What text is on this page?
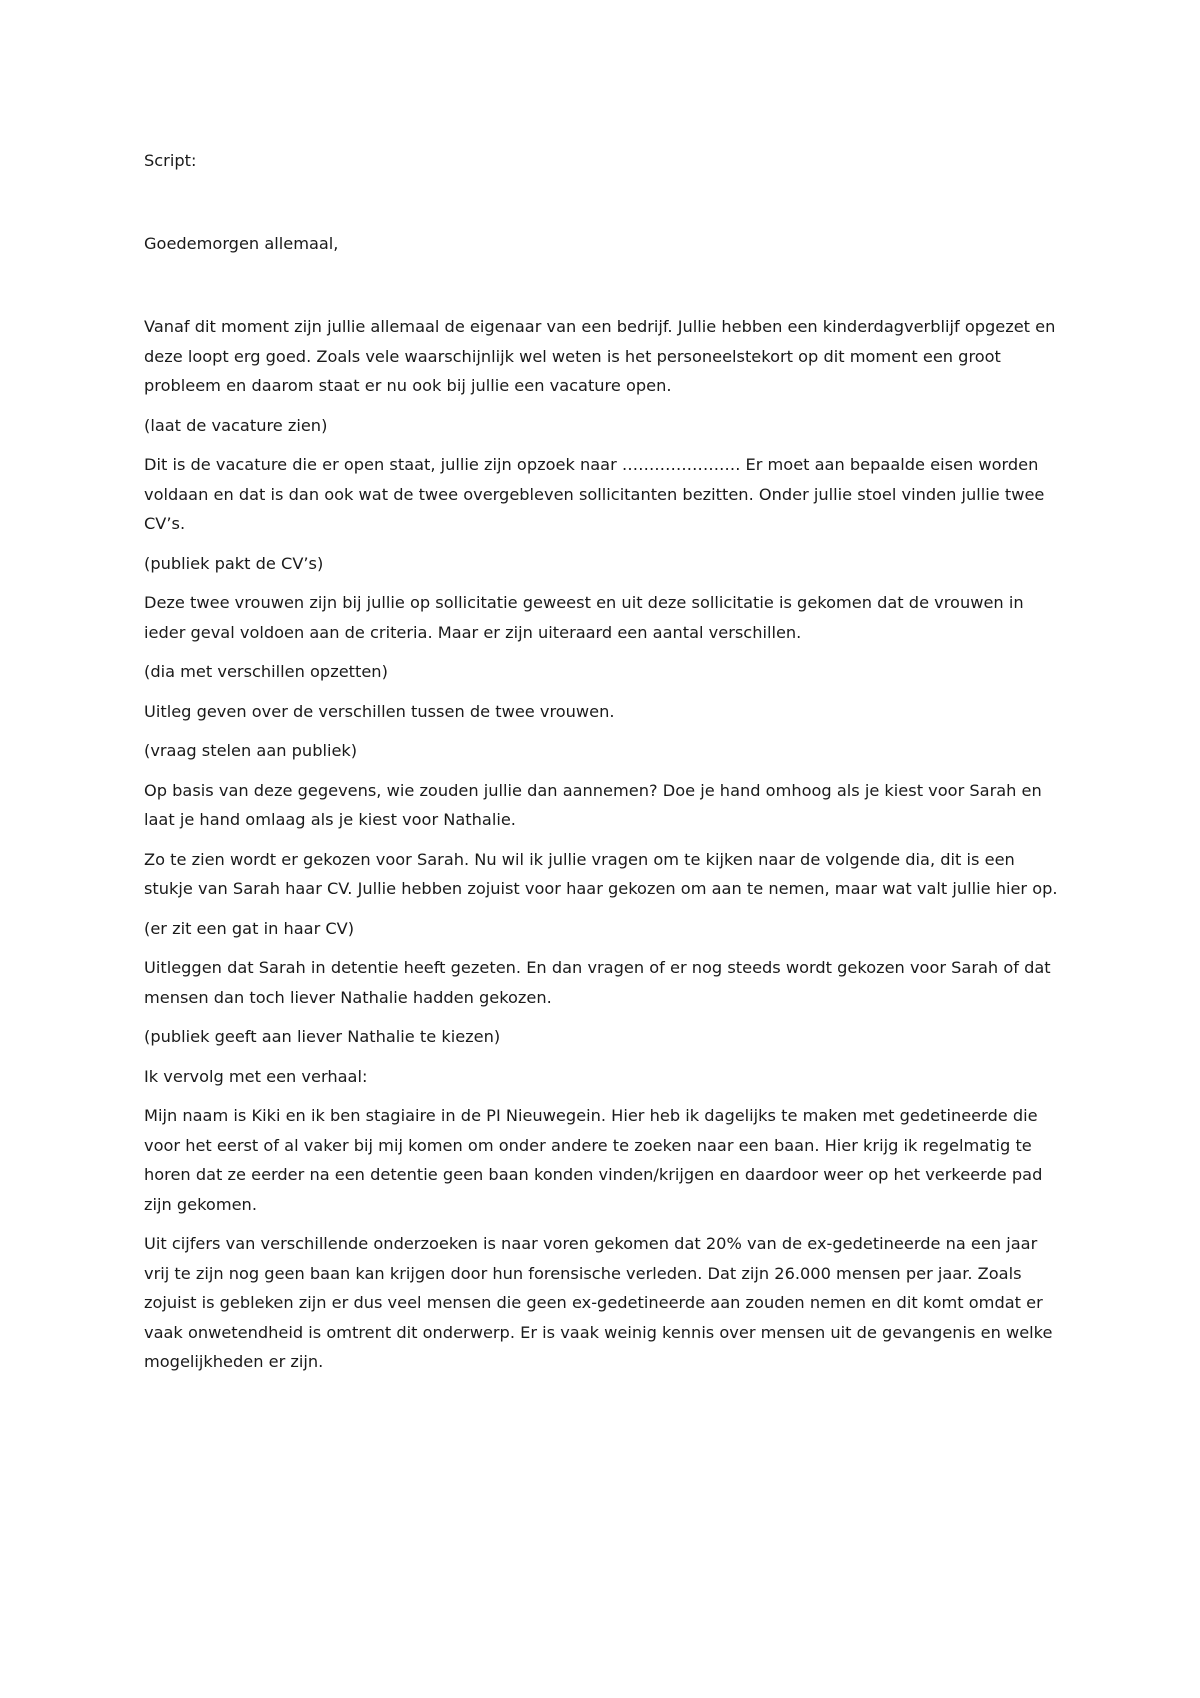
Script:

Goedemorgen allemaal,

Vanaf dit moment zijn jullie allemaal de eigenaar van een bedrijf. Jullie hebben een kinderdagverblijf opgezet en deze loopt erg goed. Zoals vele waarschijnlijk wel weten is het personeelstekort op dit moment een groot probleem en daarom staat er nu ook bij jullie een vacature open.

(laat de vacature zien)

Dit is de vacature die er open staat, jullie zijn opzoek naar …………………. Er moet aan bepaalde eisen worden voldaan en dat is dan ook wat de twee overgebleven sollicitanten bezitten. Onder jullie stoel vinden jullie twee CV’s.

(publiek pakt de CV’s)

Deze twee vrouwen zijn bij jullie op sollicitatie geweest en uit deze sollicitatie is gekomen dat de vrouwen in ieder geval voldoen aan de criteria. Maar er zijn uiteraard een aantal verschillen.

(dia met verschillen opzetten)

Uitleg geven over de verschillen tussen de twee vrouwen.

(vraag stelen aan publiek)

Op basis van deze gegevens, wie zouden jullie dan aannemen? Doe je hand omhoog als je kiest voor Sarah en laat je hand omlaag als je kiest voor Nathalie.

Zo te zien wordt er gekozen voor Sarah. Nu wil ik jullie vragen om te kijken naar de volgende dia, dit is een stukje van Sarah haar CV. Jullie hebben zojuist voor haar gekozen om aan te nemen, maar wat valt jullie hier op.

(er zit een gat in haar CV)

Uitleggen dat Sarah in detentie heeft gezeten. En dan vragen of er nog steeds wordt gekozen voor Sarah of dat mensen dan toch liever Nathalie hadden gekozen.

(publiek geeft aan liever Nathalie te kiezen)

Ik vervolg met een verhaal:

Mijn naam is Kiki en ik ben stagiaire in de PI Nieuwegein. Hier heb ik dagelijks te maken met gedetineerde die voor het eerst of al vaker bij mij komen om onder andere te zoeken naar een baan. Hier krijg ik regelmatig te horen dat ze eerder na een detentie geen baan konden vinden/krijgen en daardoor weer op het verkeerde pad zijn gekomen.

Uit cijfers van verschillende onderzoeken is naar voren gekomen dat 20% van de ex-gedetineerde na een jaar vrij te zijn nog geen baan kan krijgen door hun forensische verleden. Dat zijn 26.000 mensen per jaar. Zoals zojuist is gebleken zijn er dus veel mensen die geen ex-gedetineerde aan zouden nemen en dit komt omdat er vaak onwetendheid is omtrent dit onderwerp. Er is vaak weinig kennis over mensen uit de gevangenis en welke mogelijkheden er zijn.
